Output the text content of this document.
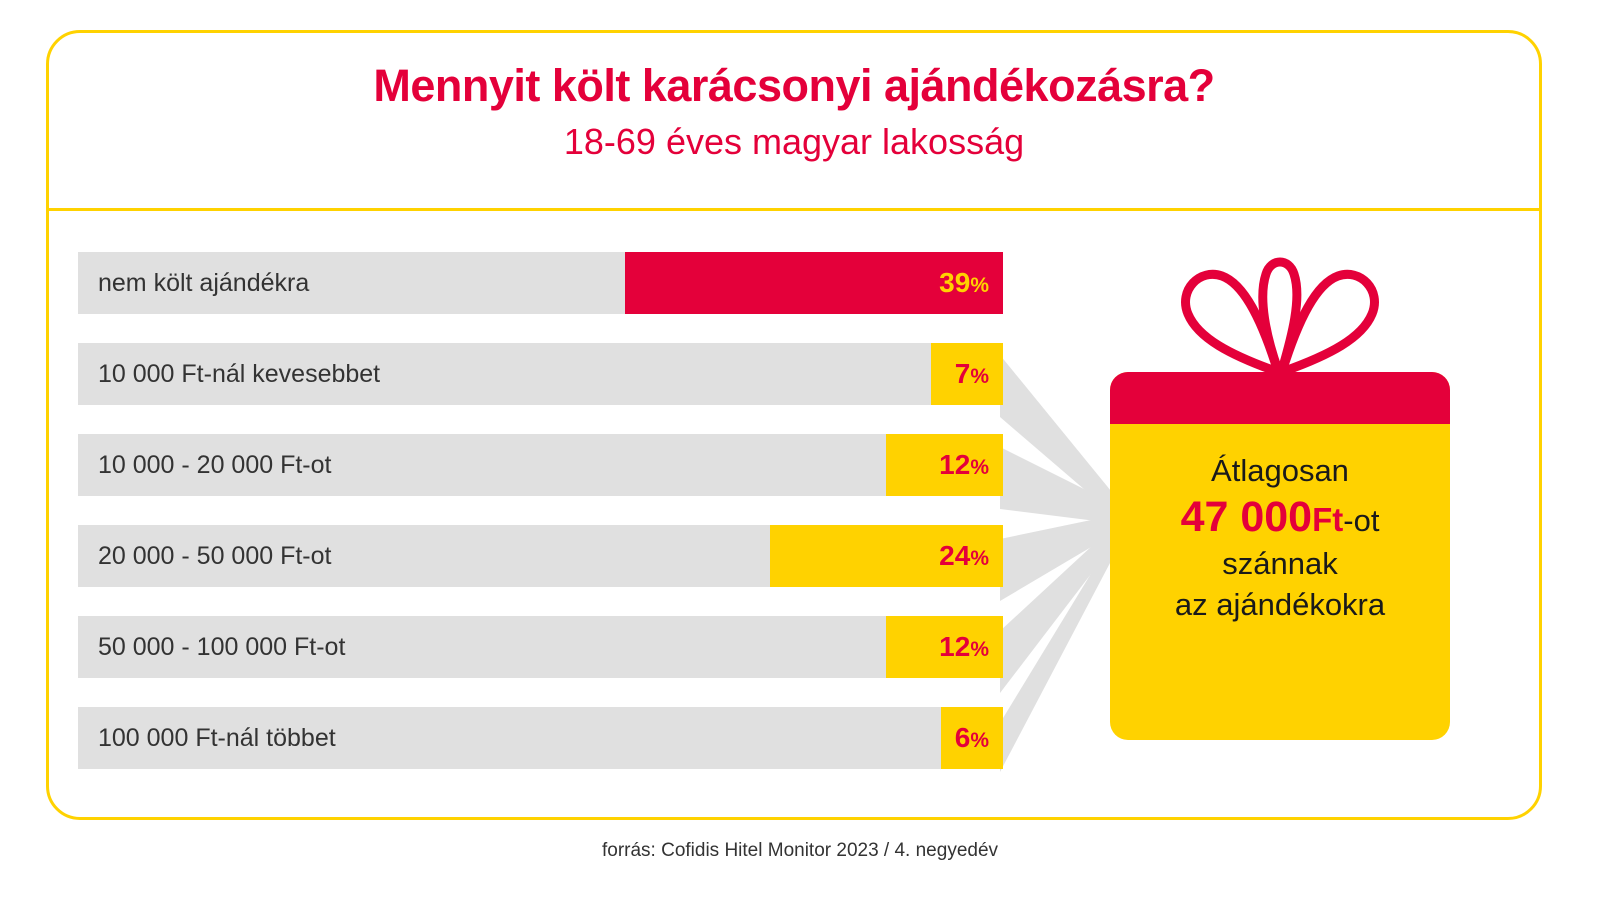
Mennyit költ karácsonyi ajándékozásra?
18-69 éves magyar lakosság
nem költ ajándékra	39%
10 000 Ft-nál kevesebbet	7%
10 000 - 20 000 Ft-ot	12%
20 000 - 50 000 Ft-ot	24%
50 000 - 100 000 Ft-ot	12%
100 000 Ft-nál többet	6%
Átlagosan
47 000Ft-ot
szánnak
az ajándékokra
forrás: Cofidis Hitel Monitor 2023 / 4. negyedév
